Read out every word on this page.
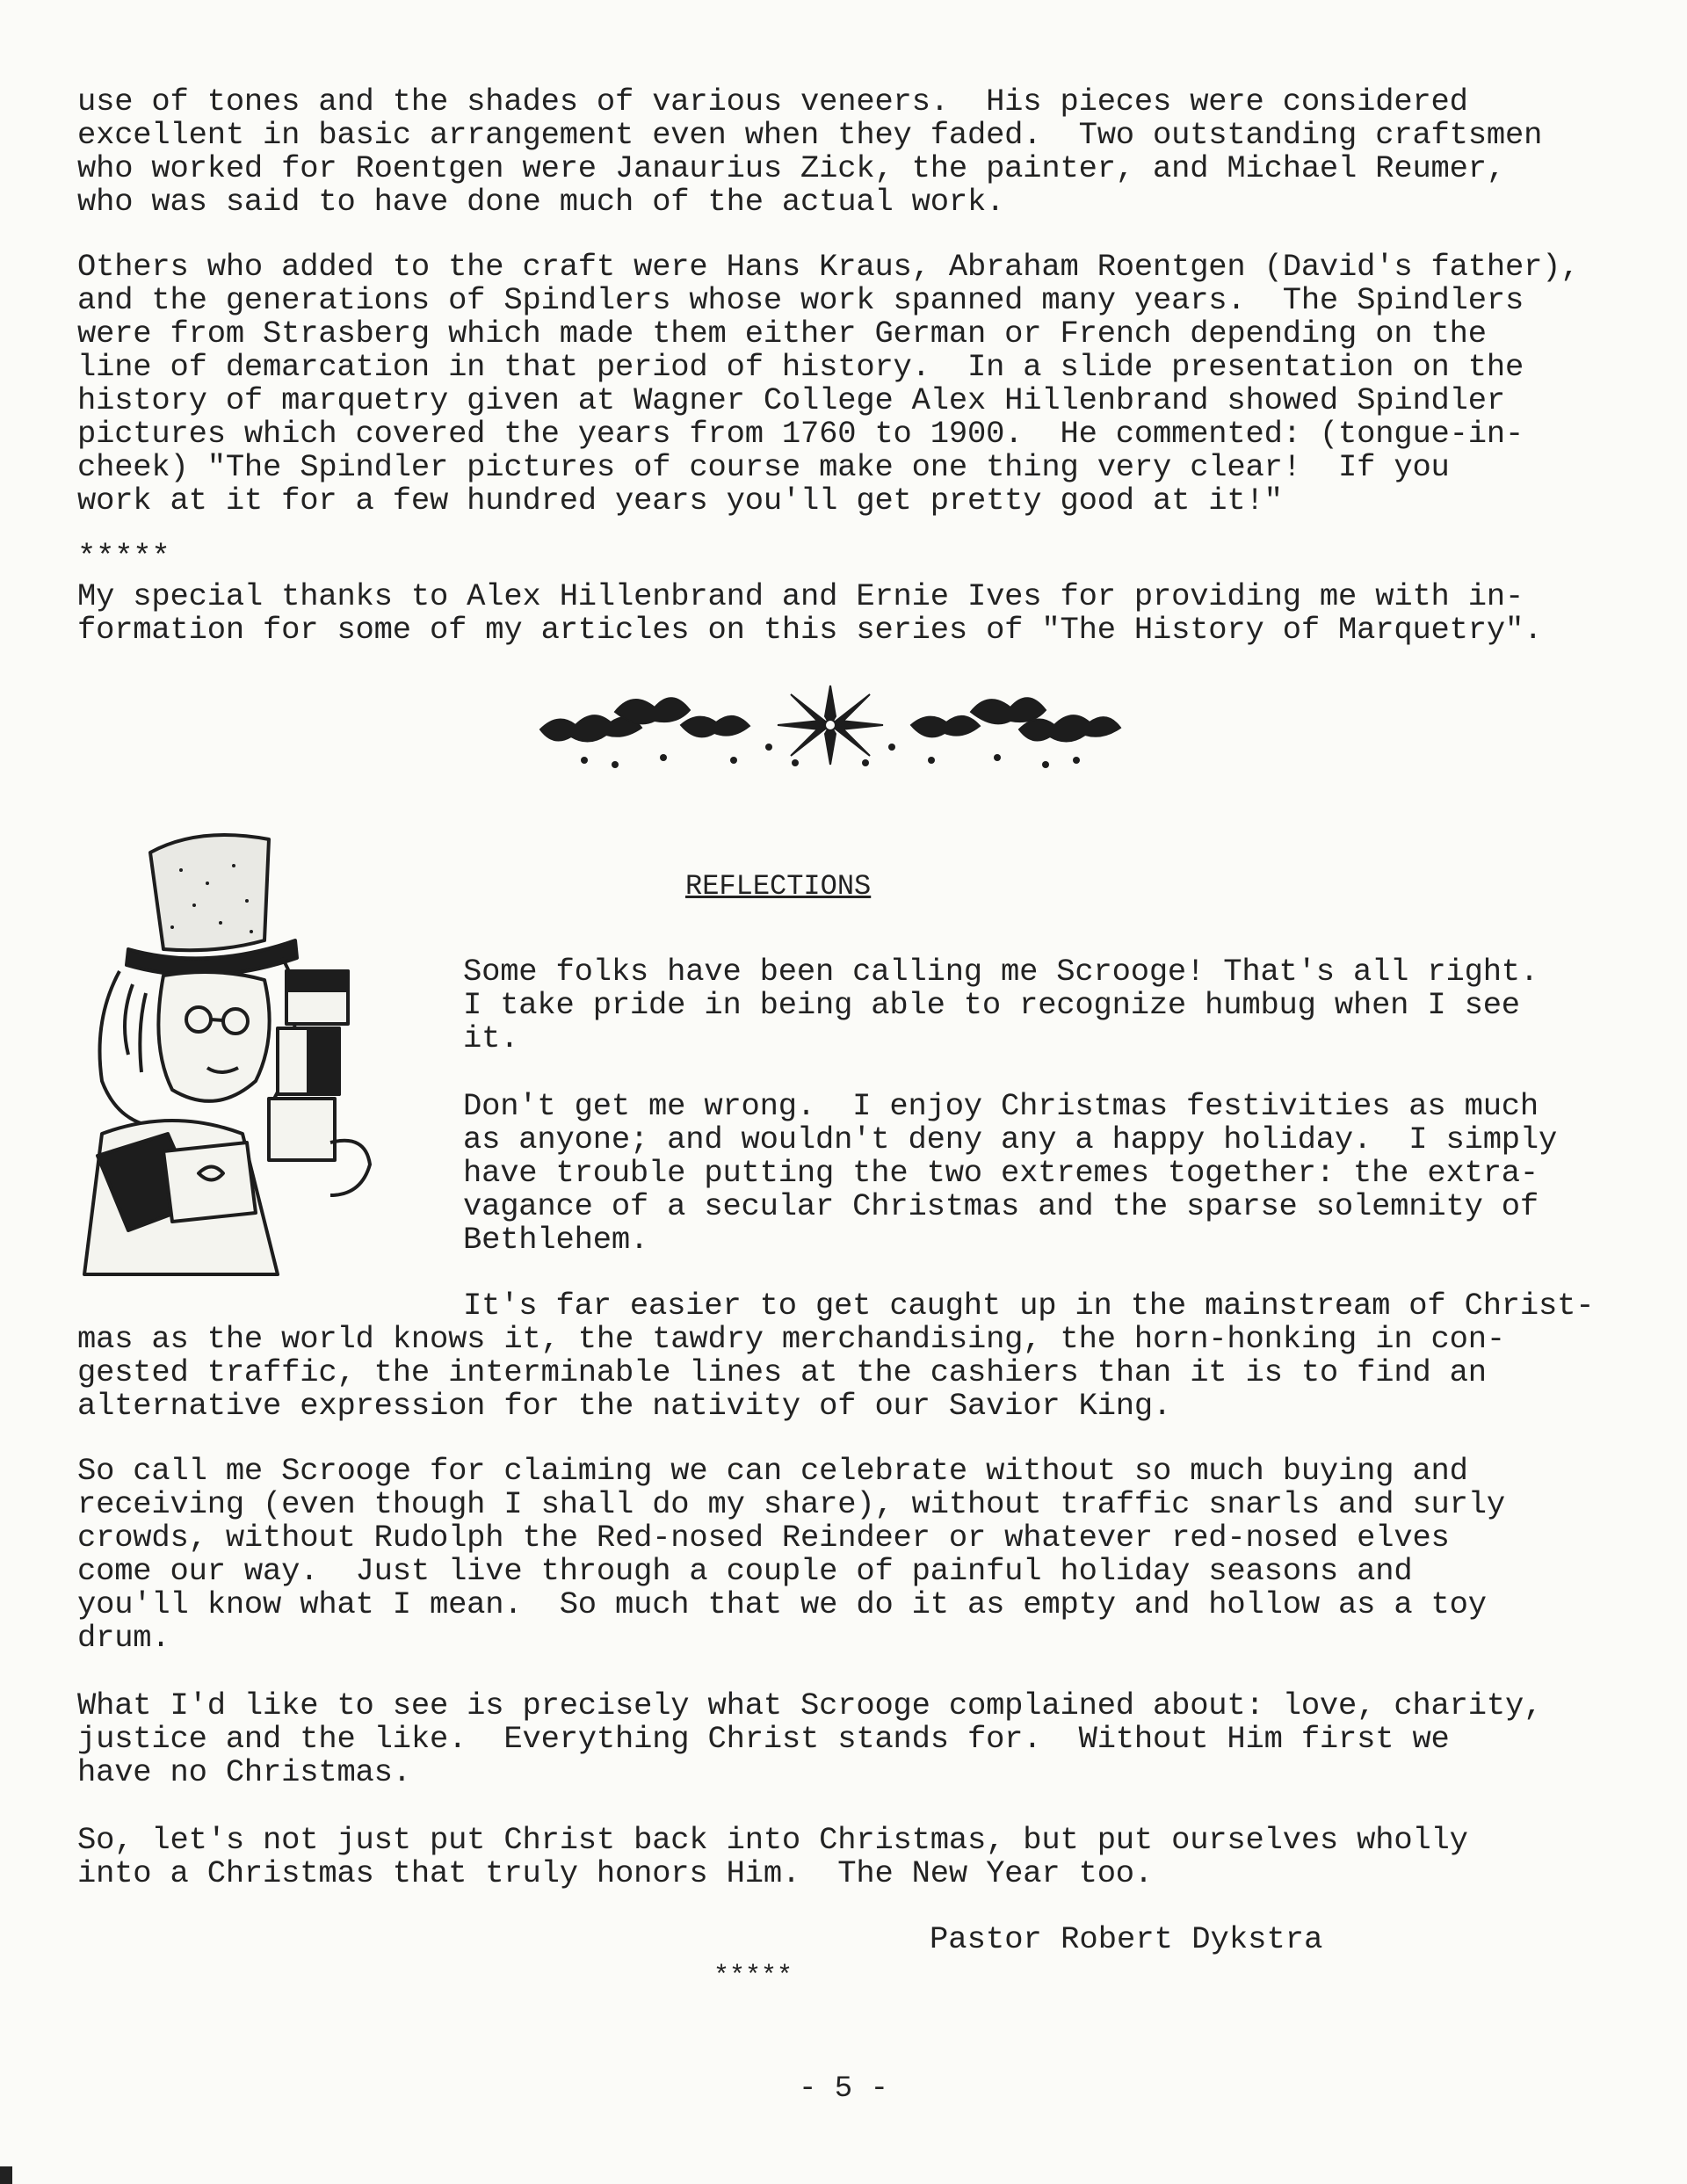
use of tones and the shades of various veneers.  His pieces were considered
excellent in basic arrangement even when they faded.  Two outstanding craftsmen
who worked for Roentgen were Janaurius Zick, the painter, and Michael Reumer,
who was said to have done much of the actual work.
Others who added to the craft were Hans Kraus, Abraham Roentgen (David's father),
and the generations of Spindlers whose work spanned many years.  The Spindlers
were from Strasberg which made them either German or French depending on the
line of demarcation in that period of history.  In a slide presentation on the
history of marquetry given at Wagner College Alex Hillenbrand showed Spindler
pictures which covered the years from 1760 to 1900.  He commented: (tongue-in-
cheek) "The Spindler pictures of course make one thing very clear!  If you
work at it for a few hundred years you'll get pretty good at it!"
*****
My special thanks to Alex Hillenbrand and Ernie Ives for providing me with in-
formation for some of my articles on this series of "The History of Marquetry".
REFLECTIONS
Some folks have been calling me Scrooge! That's all right.
I take pride in being able to recognize humbug when I see
it.
Don't get me wrong.  I enjoy Christmas festivities as much
as anyone; and wouldn't deny any a happy holiday.  I simply
have trouble putting the two extremes together: the extra-
vagance of a secular Christmas and the sparse solemnity of
Bethlehem.
It's far easier to get caught up in the mainstream of Christ-
mas as the world knows it, the tawdry merchandising, the horn-honking in con-
gested traffic, the interminable lines at the cashiers than it is to find an
alternative expression for the nativity of our Savior King.
So call me Scrooge for claiming we can celebrate without so much buying and
receiving (even though I shall do my share), without traffic snarls and surly
crowds, without Rudolph the Red-nosed Reindeer or whatever red-nosed elves
come our way.  Just live through a couple of painful holiday seasons and
you'll know what I mean.  So much that we do it as empty and hollow as a toy
drum.
What I'd like to see is precisely what Scrooge complained about: love, charity,
justice and the like.  Everything Christ stands for.  Without Him first we
have no Christmas.
So, let's not just put Christ back into Christmas, but put ourselves wholly
into a Christmas that truly honors Him.  The New Year too.
Pastor Robert Dykstra
*****
- 5 -
